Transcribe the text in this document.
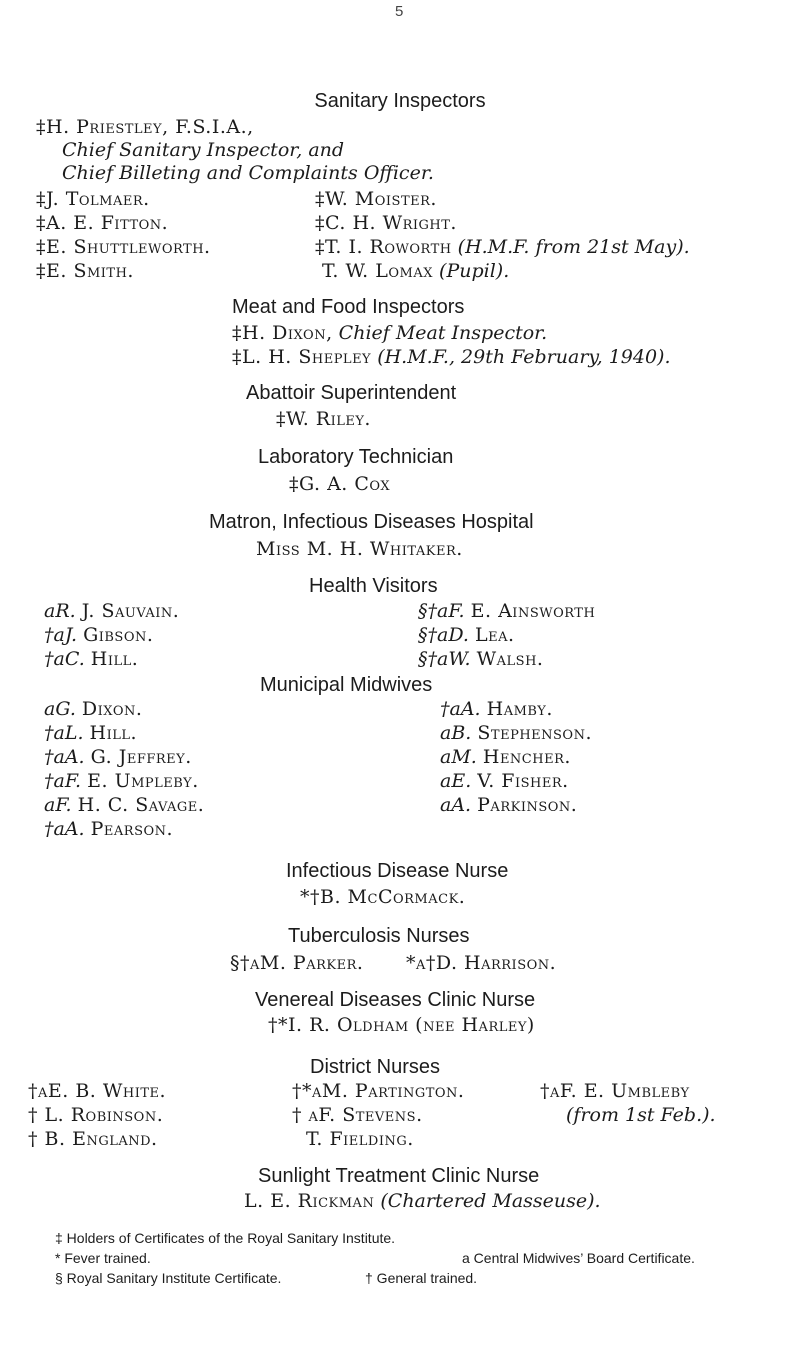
5
Sanitary Inspectors
‡H. Priestley, F.S.I.A.,
Chief Sanitary Inspector, and
Chief Billeting and Complaints Officer.
‡J. Tolmaer.
‡A. E. Fitton.
‡E. Shuttleworth.
‡E. Smith.
‡W. Moister.
‡C. H. Wright.
‡T. I. Roworth (H.M.F. from 21st May).
T. W. Lomax (Pupil).
Meat and Food Inspectors
‡H. Dixon, Chief Meat Inspector.
‡L. H. Shepley (H.M.F., 29th February, 1940).
Abattoir Superintendent
‡W. Riley.
Laboratory Technician
‡G. A. Cox
Matron, Infectious Diseases Hospital
Miss M. H. Whitaker.
Health Visitors
aR. J. Sauvain.
†aJ. Gibson.
†aC. Hill.
§†aF. E. Ainsworth
§†aD. Lea.
§†aW. Walsh.
Municipal Midwives
aG. Dixon.
†aL. Hill.
†aA. G. Jeffrey.
†aF. E. Umpleby.
aF. H. C. Savage.
†aA. Pearson.
†aA. Hamby.
aB. Stephenson.
aM. Hencher.
aE. V. Fisher.
aA. Parkinson.
Infectious Disease Nurse
*†B. McCormack.
Tuberculosis Nurses
§†aM. Parker. *a†D. Harrison.
Venereal Diseases Clinic Nurse
†*I. R. Oldham (nee Harley)
District Nurses
†aE. B. White.
† L. Robinson.
† B. England.
†*aM. Partington.
† aF. Stevens.
T. Fielding.
†aF. E. Umbleby
(from 1st Feb.).
Sunlight Treatment Clinic Nurse
L. E. Rickman (Chartered Masseuse).
‡ Holders of Certificates of the Royal Sanitary Institute.
* Fever trained.	a Central Midwives’ Board Certificate.
§ Royal Sanitary Institute Certificate.	† General trained.
